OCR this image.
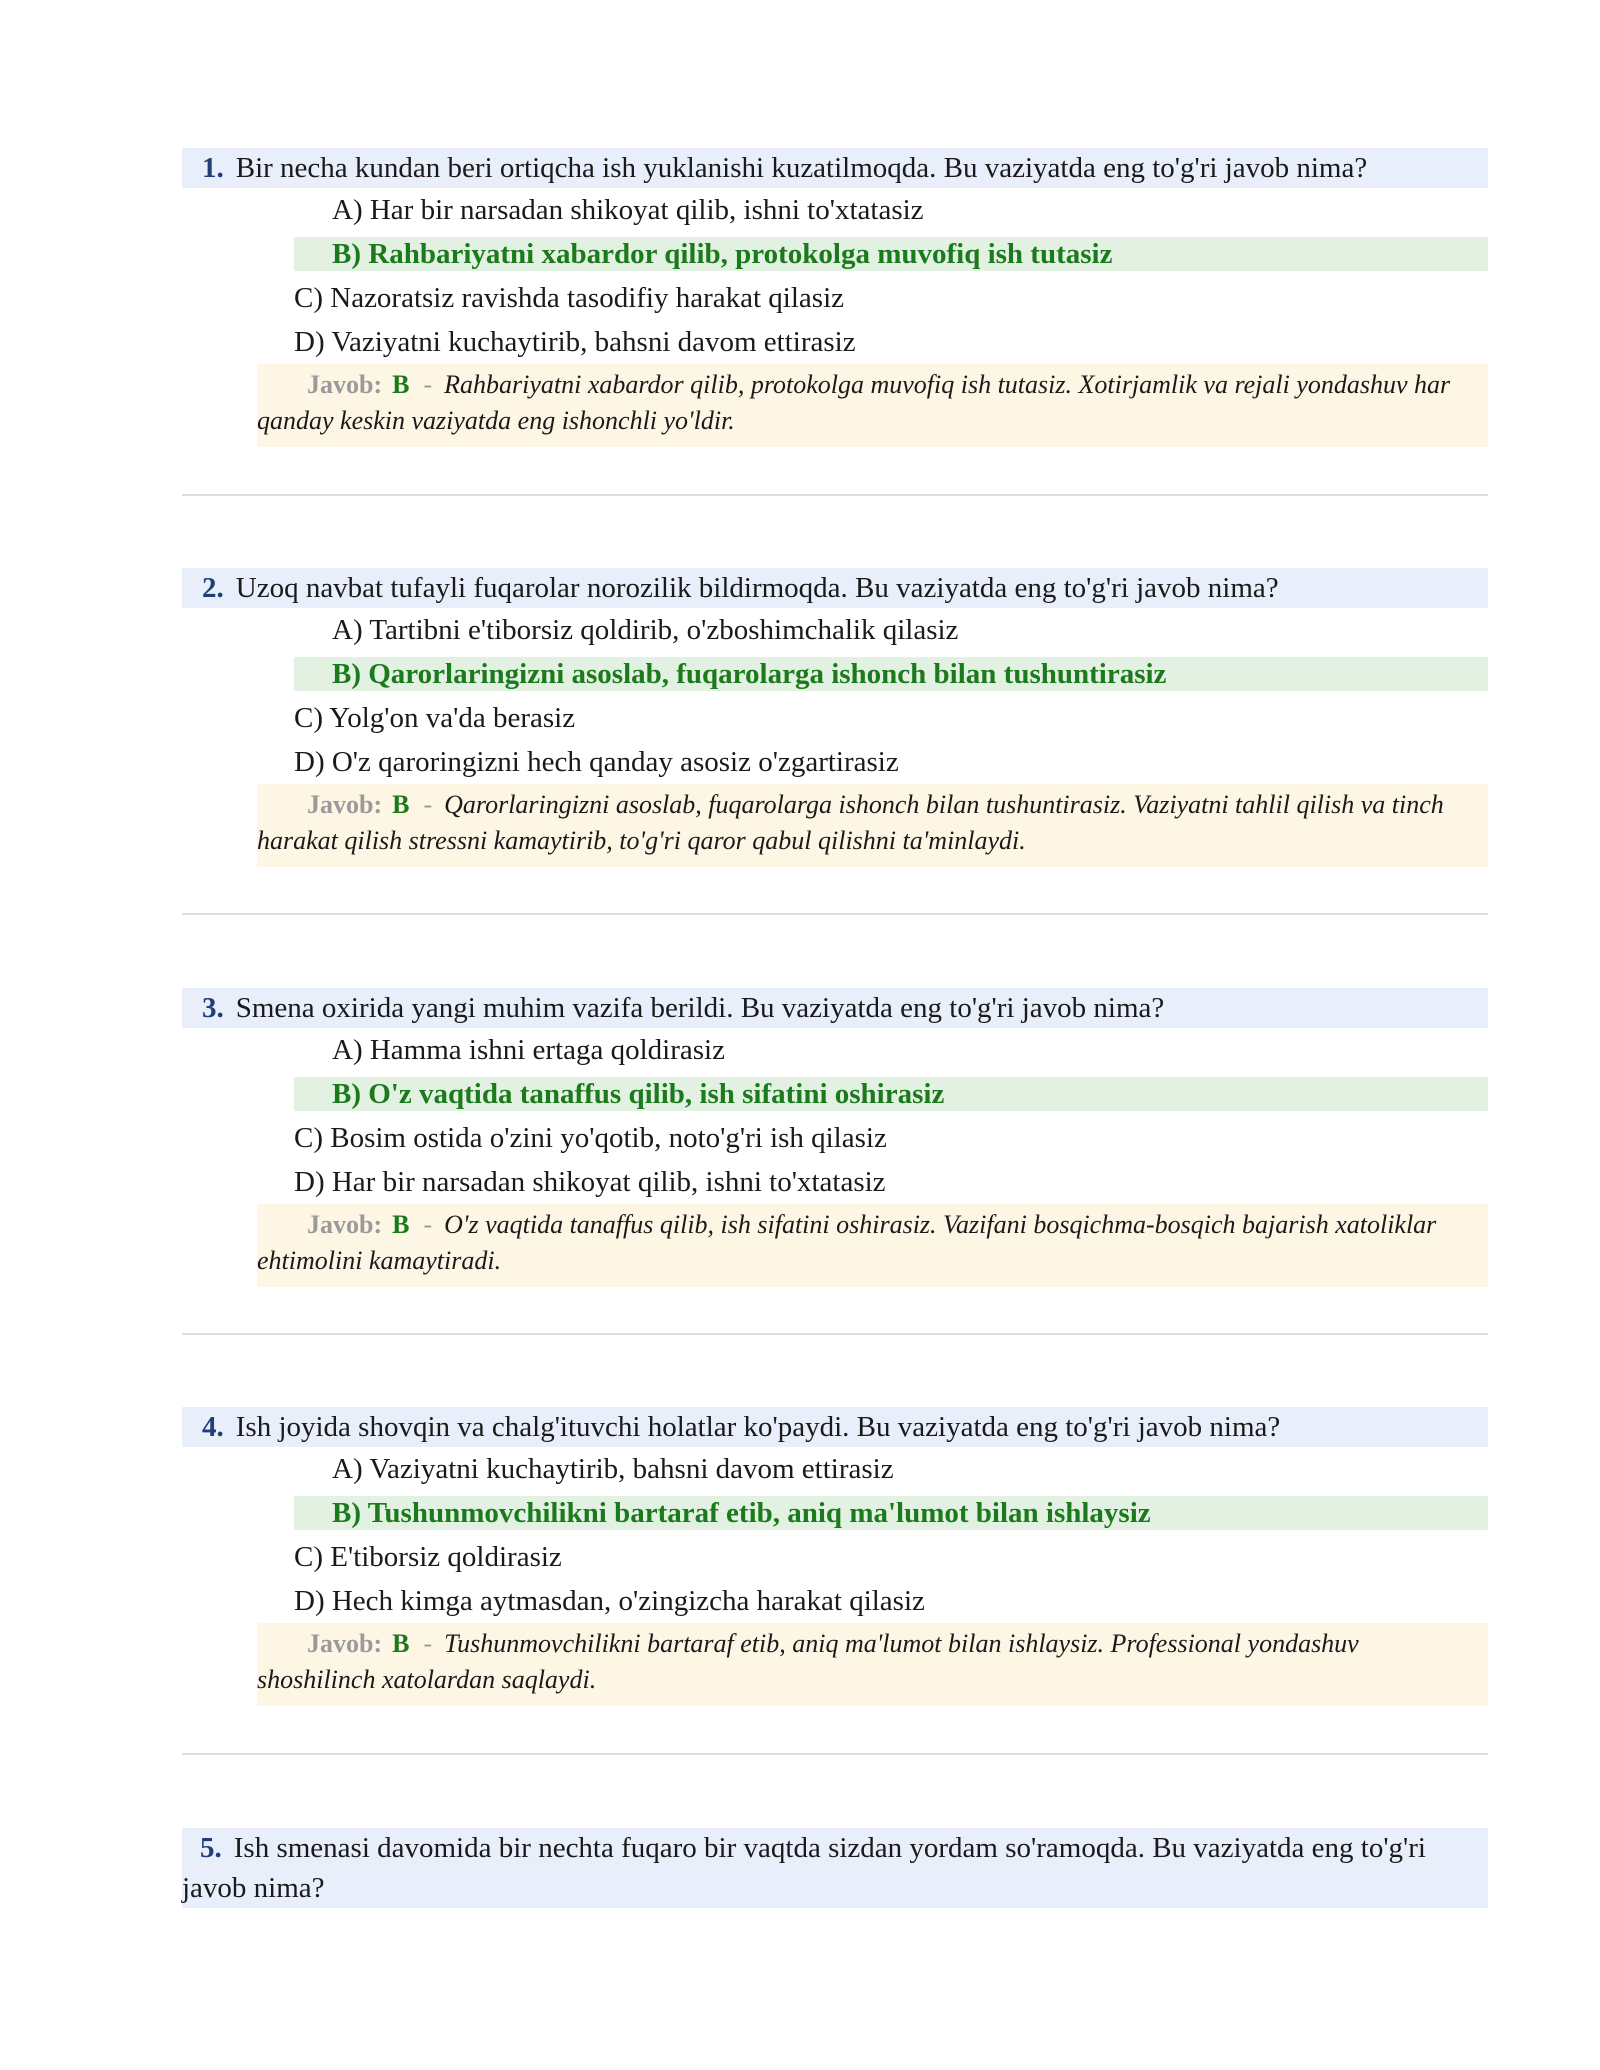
1. Bir necha kundan beri ortiqcha ish yuklanishi kuzatilmoqda. Bu vaziyatda eng to'g'ri javob nima?
A) Har bir narsadan shikoyat qilib, ishni to'xtatasiz
B) Rahbariyatni xabardor qilib, protokolga muvofiq ish tutasiz
C) Nazoratsiz ravishda tasodifiy harakat qilasiz
D) Vaziyatni kuchaytirib, bahsni davom ettirasiz
Javob: B - Rahbariyatni xabardor qilib, protokolga muvofiq ish tutasiz. Xotirjamlik va rejali yondashuv har qanday keskin vaziyatda eng ishonchli yo'ldir.
2. Uzoq navbat tufayli fuqarolar norozilik bildirmoqda. Bu vaziyatda eng to'g'ri javob nima?
A) Tartibni e'tiborsiz qoldirib, o'zboshimchalik qilasiz
B) Qarorlaringizni asoslab, fuqarolarga ishonch bilan tushuntirasiz
C) Yolg'on va'da berasiz
D) O'z qaroringizni hech qanday asosiz o'zgartirasiz
Javob: B - Qarorlaringizni asoslab, fuqarolarga ishonch bilan tushuntirasiz. Vaziyatni tahlil qilish va tinch harakat qilish stressni kamaytirib, to'g'ri qaror qabul qilishni ta'minlaydi.
3. Smena oxirida yangi muhim vazifa berildi. Bu vaziyatda eng to'g'ri javob nima?
A) Hamma ishni ertaga qoldirasiz
B) O'z vaqtida tanaffus qilib, ish sifatini oshirasiz
C) Bosim ostida o'zini yo'qotib, noto'g'ri ish qilasiz
D) Har bir narsadan shikoyat qilib, ishni to'xtatasiz
Javob: B - O'z vaqtida tanaffus qilib, ish sifatini oshirasiz. Vazifani bosqichma-bosqich bajarish xatoliklar ehtimolini kamaytiradi.
4. Ish joyida shovqin va chalg'ituvchi holatlar ko'paydi. Bu vaziyatda eng to'g'ri javob nima?
A) Vaziyatni kuchaytirib, bahsni davom ettirasiz
B) Tushunmovchilikni bartaraf etib, aniq ma'lumot bilan ishlaysiz
C) E'tiborsiz qoldirasiz
D) Hech kimga aytmasdan, o'zingizcha harakat qilasiz
Javob: B - Tushunmovchilikni bartaraf etib, aniq ma'lumot bilan ishlaysiz. Professional yondashuv shoshilinch xatolardan saqlaydi.
5. Ish smenasi davomida bir nechta fuqaro bir vaqtda sizdan yordam so'ramoqda. Bu vaziyatda eng to'g'ri javob nima?
